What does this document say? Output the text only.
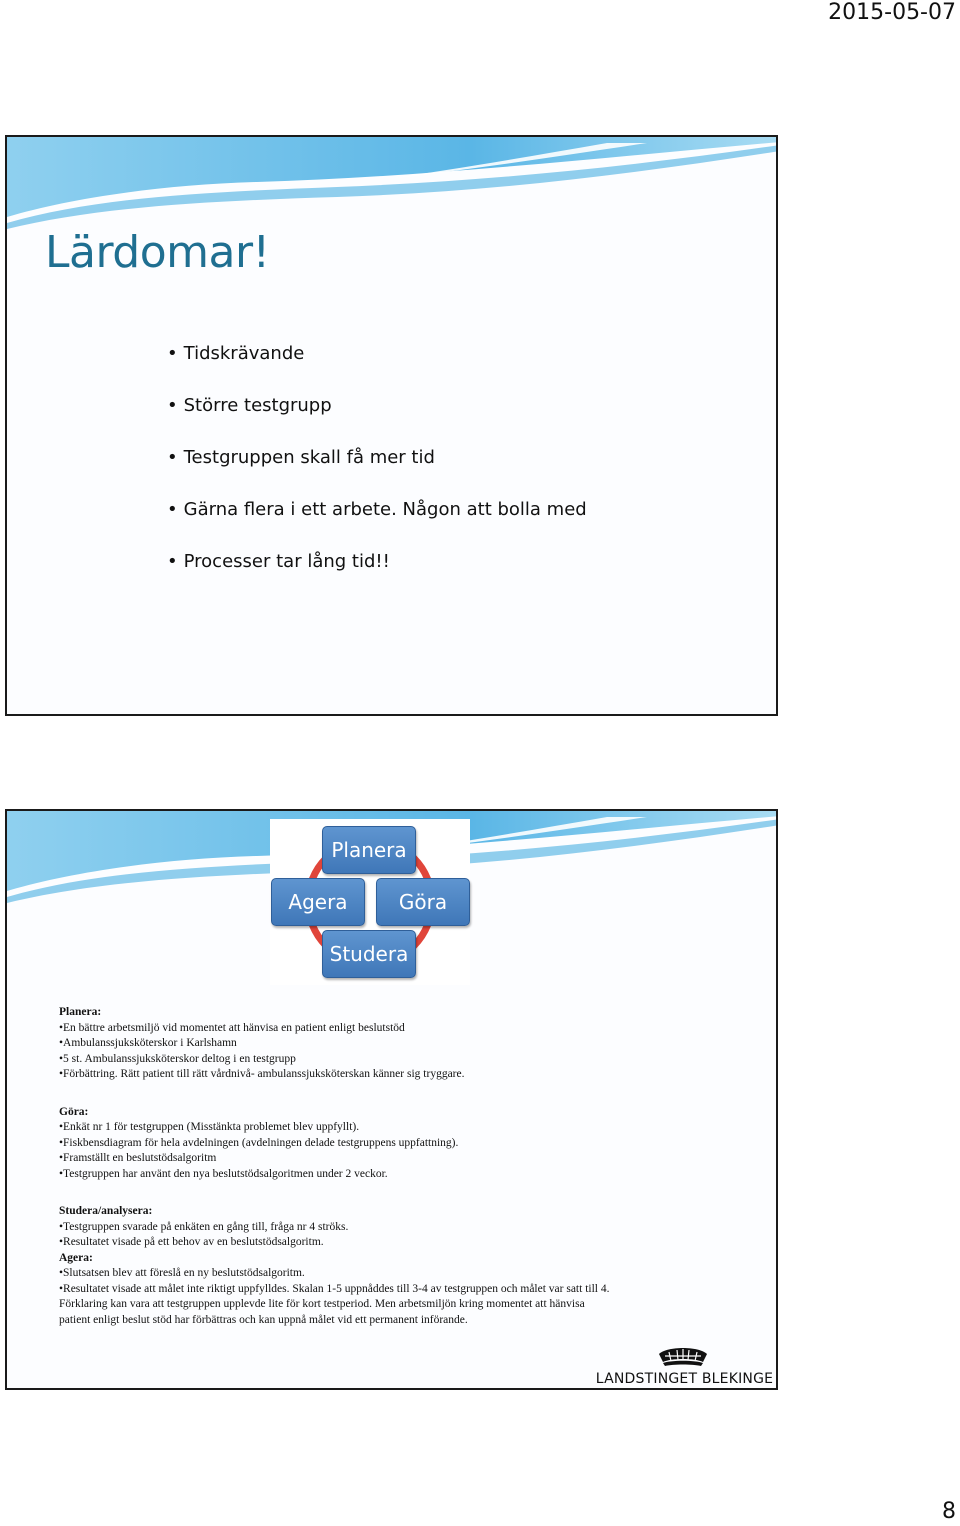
2015-05-07
Lärdomar!
• Tidskrävande
• Större testgrupp
• Testgruppen skall få mer tid
• Gärna flera i ett arbete. Någon att bolla med
• Processer tar lång tid!!
Planera
Agera	Göra
Studera
Planera:
• En bättre arbetsmiljö vid momentet att hänvisa en patient enligt beslutstöd
• Ambulanssjuksköterskor i Karlshamn
• 5 st. Ambulanssjuksköterskor deltog i en testgrupp
• Förbättring. Rätt patient till rätt vårdnivå- ambulanssjuksköterskan känner sig tryggare.
Göra:
• Enkät nr 1 för testgruppen (Misstänkta problemet blev uppfyllt).
• Fiskbensdiagram för hela avdelningen (avdelningen delade testgruppens uppfattning).
• Framställt en beslutstödsalgoritm
• Testgruppen har använt den nya beslutstödsalgoritmen under 2 veckor.
Studera/analysera:
• Testgruppen svarade på enkäten en gång till, fråga nr 4 ströks.
• Resultatet visade på ett behov av en beslutstödsalgoritm.
Agera:
• Slutsatsen blev att föreslå en ny beslutstödsalgoritm.
• Resultatet visade att målet inte riktigt uppfylldes. Skalan 1-5 uppnåddes till 3-4 av testgruppen och målet var satt till 4.
Förklaring kan vara att testgruppen upplevde lite för kort testperiod. Men arbetsmiljön kring momentet att hänvisa
patient enligt beslut stöd har förbättras och kan uppnå målet vid ett permanent införande.
LANDSTINGET BLEKINGE
8
